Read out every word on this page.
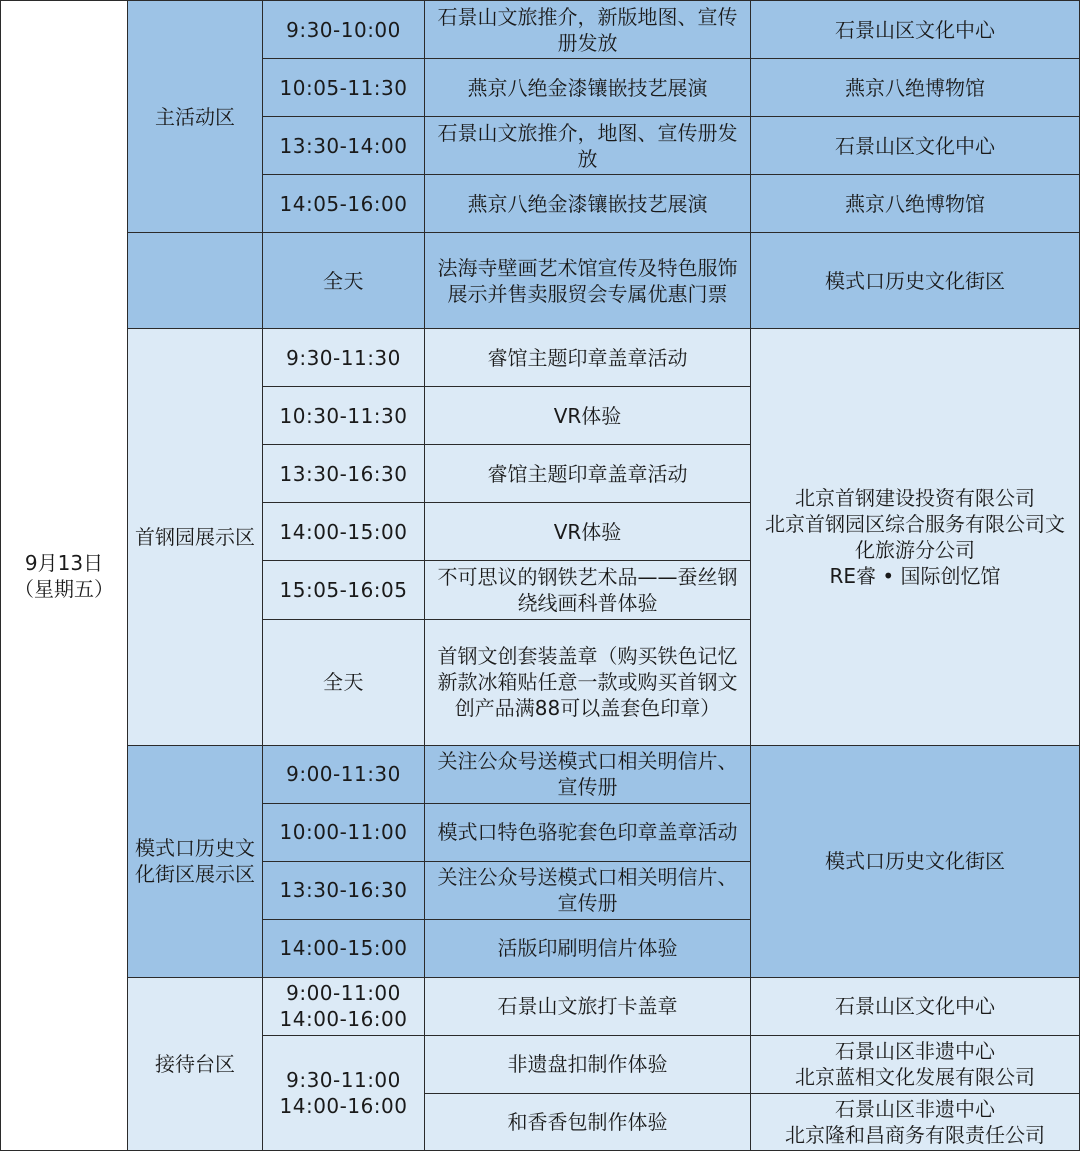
9月13日
（星期五）	主活动区	9:30-10:00	石景山文旅推介，新版地图、宣传
册发放	石景山区文化中心
		10:05-11:30	燕京八绝金漆镶嵌技艺展演	燕京八绝博物馆
		13:30-14:00	石景山文旅推介，地图、宣传册发
放	石景山区文化中心
		14:05-16:00	燕京八绝金漆镶嵌技艺展演	燕京八绝博物馆
		全天	法海寺壁画艺术馆宣传及特色服饰
展示并售卖服贸会专属优惠门票	模式口历史文化街区
	首钢园展示区	9:30-11:30	睿馆主题印章盖章活动	北京首钢建设投资有限公司
北京首钢园区综合服务有限公司文
化旅游分公司
RE睿 • 国际创忆馆

		10:30-11:30	VR体验	
		13:30-16:30	睿馆主题印章盖章活动	
		14:00-15:00	VR体验	
		15:05-16:05	不可思议的钢铁艺术品——蚕丝钢
绕线画科普体验	

		全天	首钢文创套装盖章（购买铁色记忆
新款冰箱贴任意一款或购买首钢文
创产品满88可以盖套色印章）	

	模式口历史文
化街区展示区	9:00-11:30	关注公众号送模式口相关明信片、
宣传册	模式口历史文化街区
		10:00-11:00	模式口特色骆驼套色印章盖章活动	
		13:30-16:30	关注公众号送模式口相关明信片、
宣传册	

		14:00-15:00	活版印刷明信片体验	
	接待台区	9:00-11:00
14:00-16:00	石景山文旅打卡盖章	石景山区文化中心

		9:30-11:00
14:00-16:00	非遗盘扣制作体验	石景山区非遗中心
北京蓝相文化发展有限公司

			和香香包制作体验	石景山区非遗中心
北京隆和昌商务有限责任公司
